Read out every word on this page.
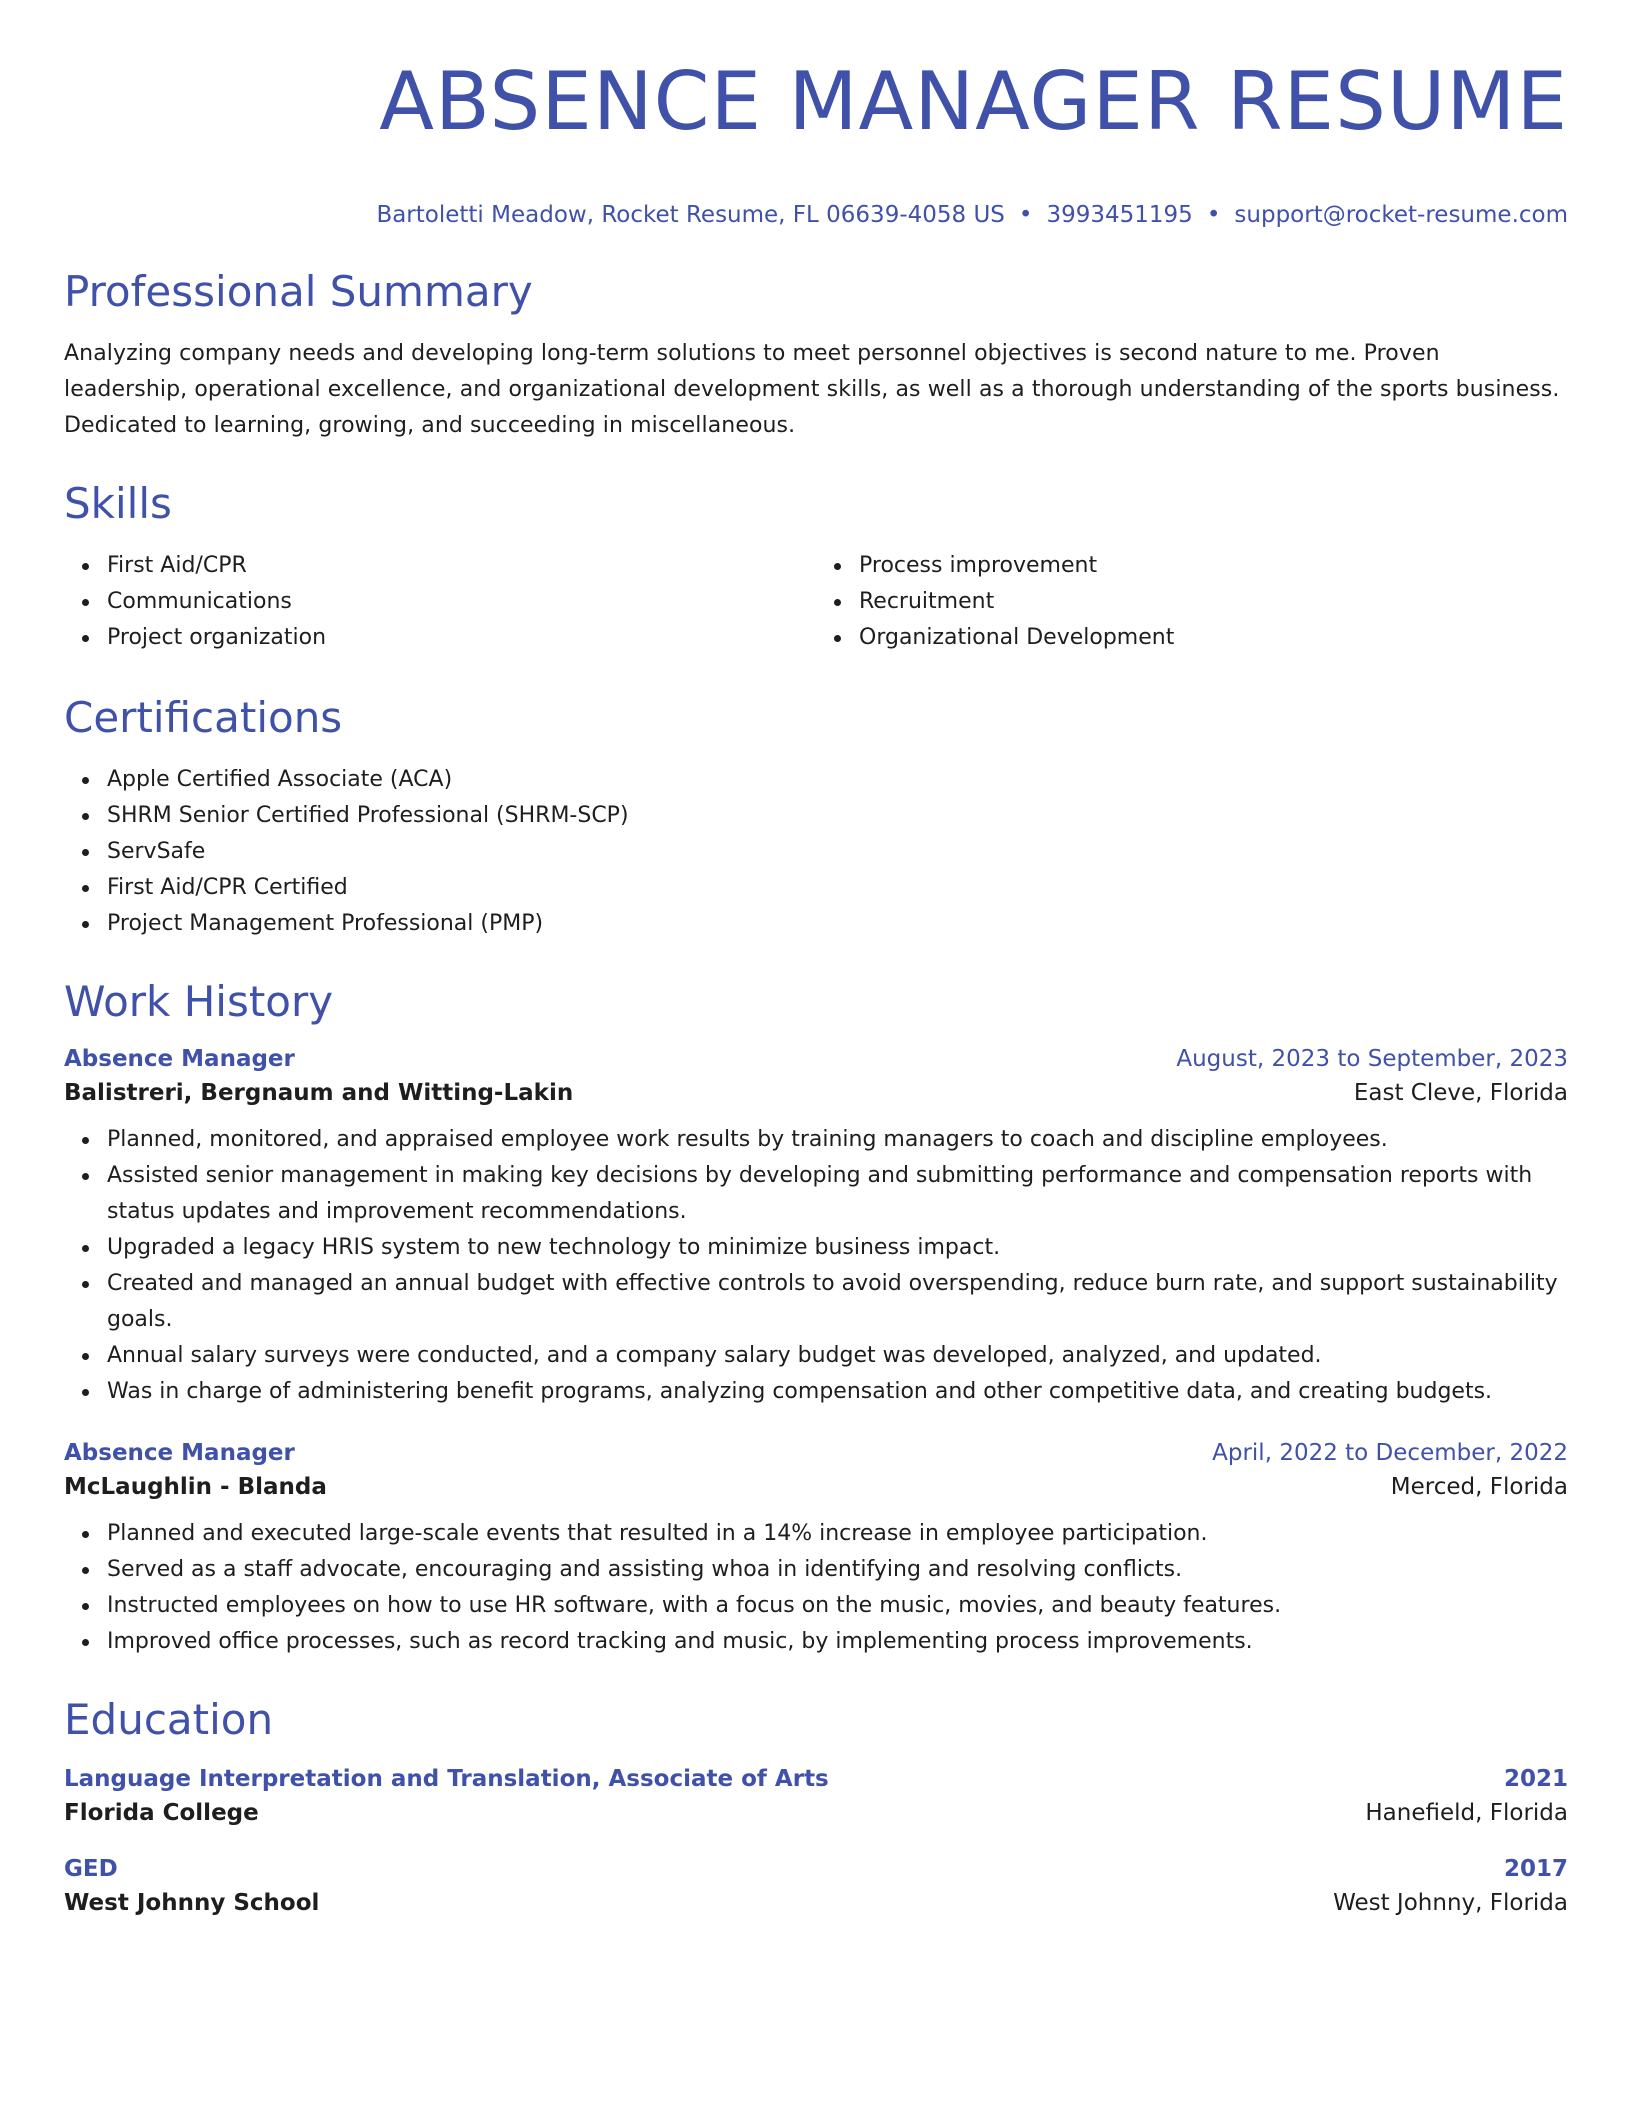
ABSENCE MANAGER RESUME
Bartoletti Meadow, Rocket Resume, FL 06639-4058 US • 3993451195 • support@rocket-resume.com
Professional Summary
Analyzing company needs and developing long-term solutions to meet personnel objectives is second nature to me. Proven leadership, operational excellence, and organizational development skills, as well as a thorough understanding of the sports business. Dedicated to learning, growing, and succeeding in miscellaneous.
Skills
First Aid/CPR
Communications
Project organization
Process improvement
Recruitment
Organizational Development
Certifications
Apple Certified Associate (ACA)
SHRM Senior Certified Professional (SHRM-SCP)
ServSafe
First Aid/CPR Certified
Project Management Professional (PMP)
Work History
Absence Manager	August, 2023 to September, 2023
Balistreri, Bergnaum and Witting-Lakin	East Cleve, Florida
Planned, monitored, and appraised employee work results by training managers to coach and discipline employees.
Assisted senior management in making key decisions by developing and submitting performance and compensation reports with status updates and improvement recommendations.
Upgraded a legacy HRIS system to new technology to minimize business impact.
Created and managed an annual budget with effective controls to avoid overspending, reduce burn rate, and support sustainability goals.
Annual salary surveys were conducted, and a company salary budget was developed, analyzed, and updated.
Was in charge of administering benefit programs, analyzing compensation and other competitive data, and creating budgets.
Absence Manager	April, 2022 to December, 2022
McLaughlin - Blanda	Merced, Florida
Planned and executed large-scale events that resulted in a 14% increase in employee participation.
Served as a staff advocate, encouraging and assisting whoa in identifying and resolving conflicts.
Instructed employees on how to use HR software, with a focus on the music, movies, and beauty features.
Improved office processes, such as record tracking and music, by implementing process improvements.
Education
Language Interpretation and Translation, Associate of Arts	2021
Florida College	Hanefield, Florida
GED	2017
West Johnny School	West Johnny, Florida
